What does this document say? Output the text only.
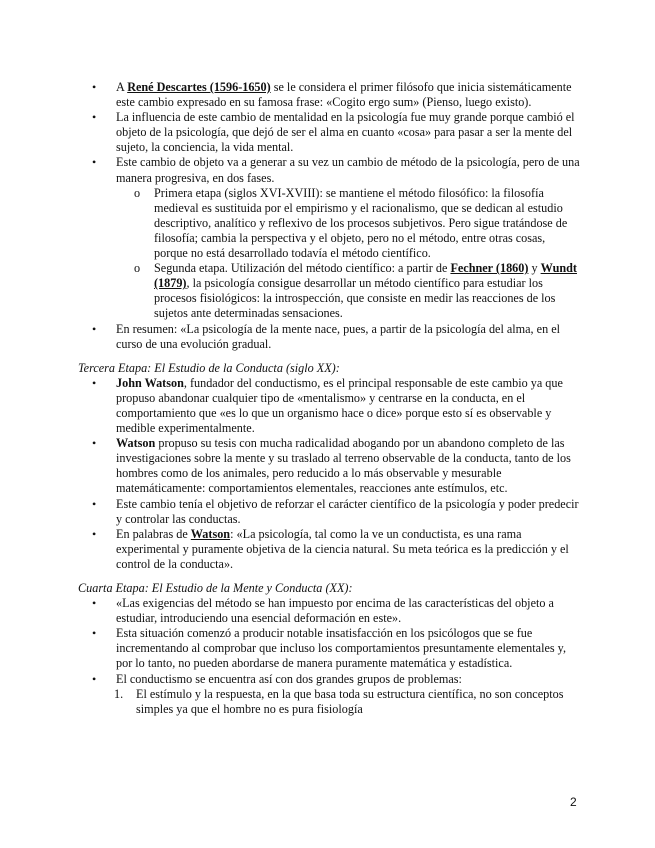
• A René Descartes (1596-1650) se le considera el primer filósofo que inicia sistemáticamente este cambio expresado en su famosa frase: «Cogito ergo sum» (Pienso, luego existo).
• La influencia de este cambio de mentalidad en la psicología fue muy grande porque cambió el objeto de la psicología, que dejó de ser el alma en cuanto «cosa» para pasar a ser la mente del sujeto, la conciencia, la vida mental.
• Este cambio de objeto va a generar a su vez un cambio de método de la psicología, pero de una manera progresiva, en dos fases.
o Primera etapa (siglos XVI-XVIII): se mantiene el método filosófico: la filosofía medieval es sustituida por el empirismo y el racionalismo, que se dedican al estudio descriptivo, analítico y reflexivo de los procesos subjetivos. Pero sigue tratándose de filosofía; cambia la perspectiva y el objeto, pero no el método, entre otras cosas, porque no está desarrollado todavía el método científico.
o Segunda etapa. Utilización del método científico: a partir de Fechner (1860) y Wundt (1879), la psicología consigue desarrollar un método científico para estudiar los procesos fisiológicos: la introspección, que consiste en medir las reacciones de los sujetos ante determinadas sensaciones.
• En resumen: «La psicología de la mente nace, pues, a partir de la psicología del alma, en el curso de una evolución gradual.
Tercera Etapa: El Estudio de la Conducta (siglo XX):
• John Watson, fundador del conductismo, es el principal responsable de este cambio ya que propuso abandonar cualquier tipo de «mentalismo» y centrarse en la conducta, en el comportamiento que «es lo que un organismo hace o dice» porque esto sí es observable y medible experimentalmente.
• Watson propuso su tesis con mucha radicalidad abogando por un abandono completo de las investigaciones sobre la mente y su traslado al terreno observable de la conducta, tanto de los hombres como de los animales, pero reducido a lo más observable y mesurable matemáticamente: comportamientos elementales, reacciones ante estímulos, etc.
• Este cambio tenía el objetivo de reforzar el carácter científico de la psicología y poder predecir y controlar las conductas.
• En palabras de Watson: «La psicología, tal como la ve un conductista, es una rama experimental y puramente objetiva de la ciencia natural. Su meta teórica es la predicción y el control de la conducta».
Cuarta Etapa: El Estudio de la Mente y Conducta (XX):
• «Las exigencias del método se han impuesto por encima de las características del objeto a estudiar, introduciendo una esencial deformación en este».
• Esta situación comenzó a producir notable insatisfacción en los psicólogos que se fue incrementando al comprobar que incluso los comportamientos presuntamente elementales y, por lo tanto, no pueden abordarse de manera puramente matemática y estadística.
• El conductismo se encuentra así con dos grandes grupos de problemas:
1.	El estímulo y la respuesta, en la que basa toda su estructura científica, no son conceptos simples ya que el hombre no es pura fisiología
2
